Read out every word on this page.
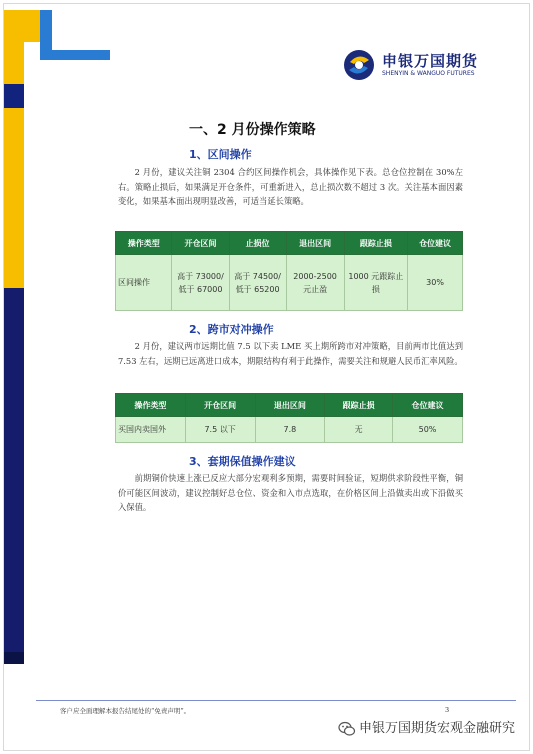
申银万国期货
SHENYIN & WANGUO FUTURES
一、2 月份操作策略
1、区间操作
2 月份，建议关注铜 2304 合约区间操作机会，具体操作见下表。总仓位控制在 30%左右。策略止损后，如果满足开仓条件，可重新进入，总止损次数不超过 3 次。关注基本面因素变化，如果基本面出现明显改善，可适当延长策略。
操作类型	开仓区间	止损位	退出区间	跟踪止损	仓位建议
区间操作	高于 73000/低于 67000	高于 74500/低于 65200	2000-2500 元止盈	1000 元跟踪止损	30%
2、跨市对冲操作
2 月份，建议两市远期比值 7.5 以下卖 LME 买上期所跨市对冲策略，目前两市比值达到 7.53 左右，远期已远离进口成本，期限结构有利于此操作，需要关注和规避人民币汇率风险。
操作类型	开仓区间	退出区间	跟踪止损	仓位建议
买国内卖国外	7.5 以下	7.8	无	50%
3、套期保值操作建议
前期铜价快速上涨已反应大部分宏观利多预期，需要时间验证，短期供求阶段性平衡，铜价可能区间波动，建议控制好总仓位、资金和入市点选取，在价格区间上沿做卖出或下沿做买入保值。
客户应全面理解本报告结尾处的“免责声明”。	3
申银万国期货宏观金融研究
